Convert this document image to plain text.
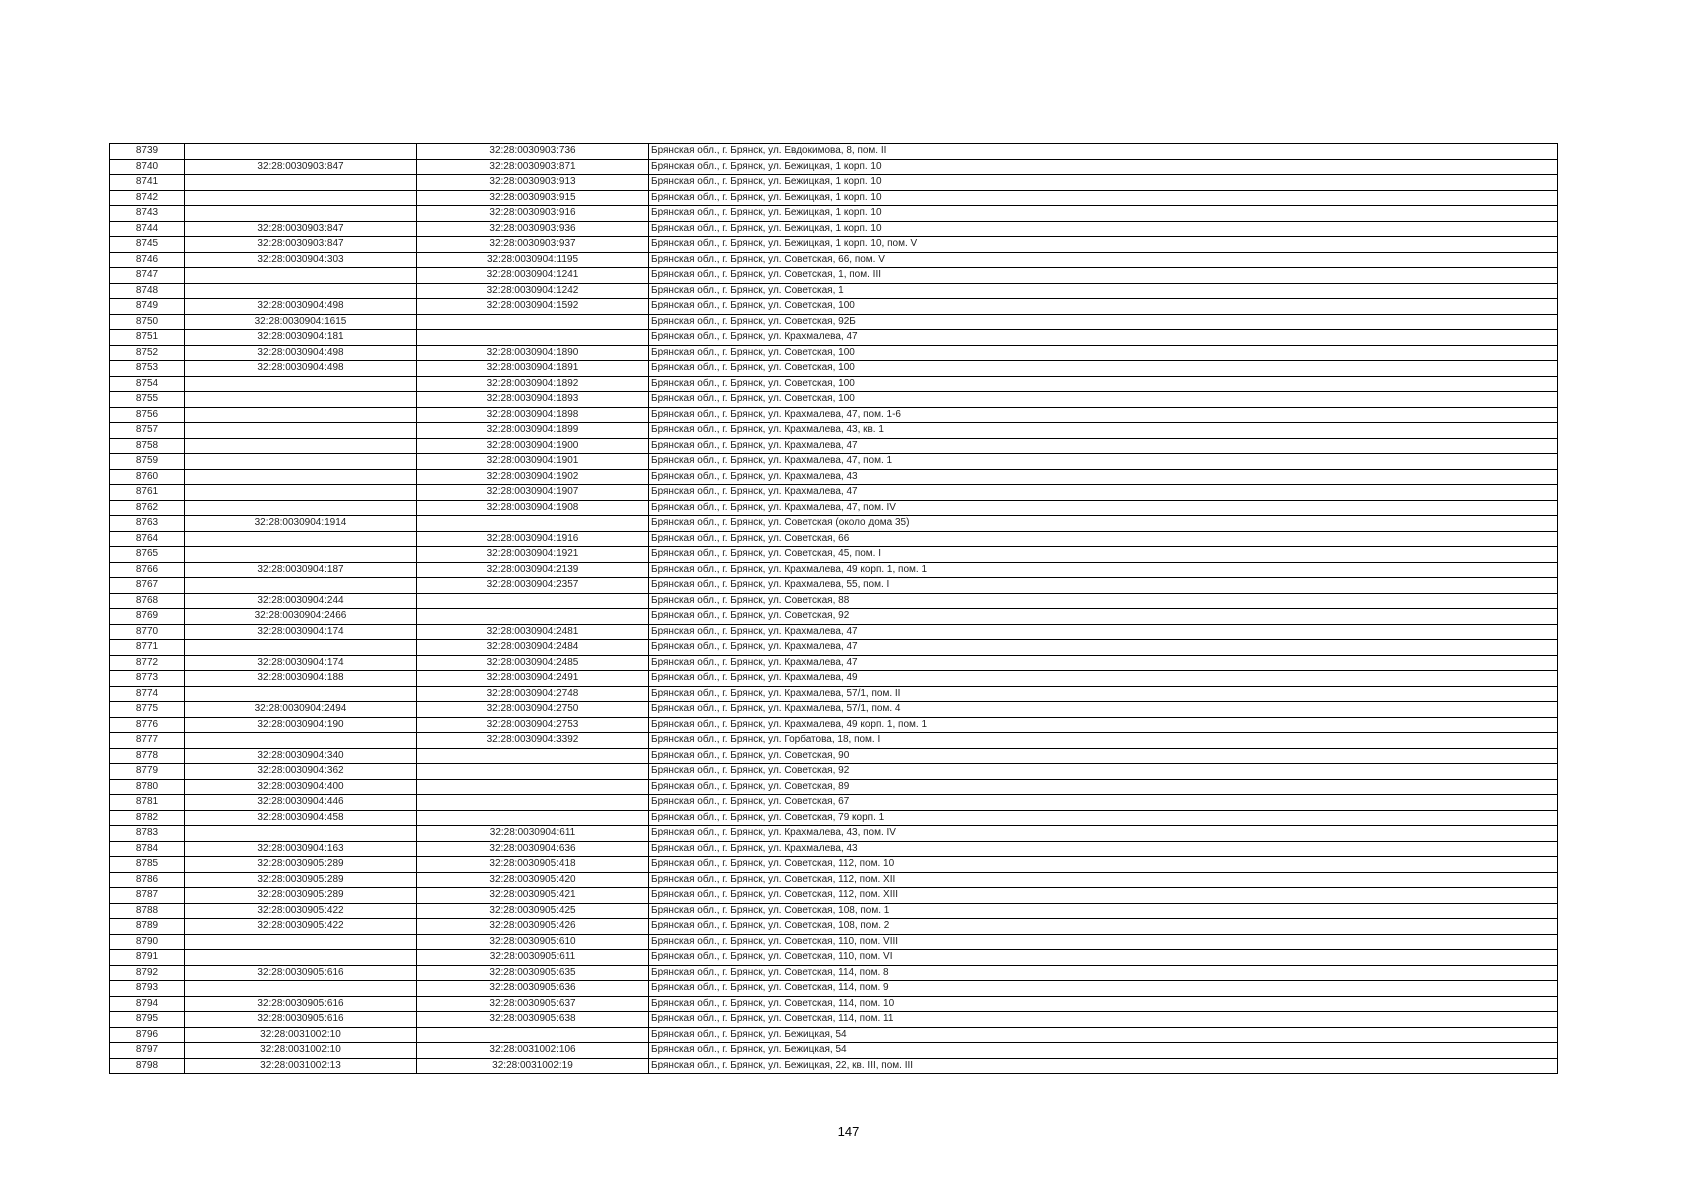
8739		32:28:0030903:736	Брянская обл., г. Брянск, ул. Евдокимова, 8, пом. II
8740	32:28:0030903:847	32:28:0030903:871	Брянская обл., г. Брянск, ул. Бежицкая, 1 корп. 10
8741		32:28:0030903:913	Брянская обл., г. Брянск, ул. Бежицкая, 1 корп. 10
8742		32:28:0030903:915	Брянская обл., г. Брянск, ул. Бежицкая, 1 корп. 10
8743		32:28:0030903:916	Брянская обл., г. Брянск, ул. Бежицкая, 1 корп. 10
8744	32:28:0030903:847	32:28:0030903:936	Брянская обл., г. Брянск, ул. Бежицкая, 1 корп. 10
8745	32:28:0030903:847	32:28:0030903:937	Брянская обл., г. Брянск, ул. Бежицкая, 1 корп. 10, пом. V
8746	32:28:0030904:303	32:28:0030904:1195	Брянская обл., г. Брянск, ул. Советская, 66, пом. V
8747		32:28:0030904:1241	Брянская обл., г. Брянск, ул. Советская, 1, пом. III
8748		32:28:0030904:1242	Брянская обл., г. Брянск, ул. Советская, 1
8749	32:28:0030904:498	32:28:0030904:1592	Брянская обл., г. Брянск, ул. Советская, 100
8750	32:28:0030904:1615		Брянская обл., г. Брянск, ул. Советская, 92Б
8751	32:28:0030904:181		Брянская обл., г. Брянск, ул. Крахмалева, 47
8752	32:28:0030904:498	32:28:0030904:1890	Брянская обл., г. Брянск, ул. Советская, 100
8753	32:28:0030904:498	32:28:0030904:1891	Брянская обл., г. Брянск, ул. Советская, 100
8754		32:28:0030904:1892	Брянская обл., г. Брянск, ул. Советская, 100
8755		32:28:0030904:1893	Брянская обл., г. Брянск, ул. Советская, 100
8756		32:28:0030904:1898	Брянская обл., г. Брянск, ул. Крахмалева, 47, пом. 1-6
8757		32:28:0030904:1899	Брянская обл., г. Брянск, ул. Крахмалева, 43, кв. 1
8758		32:28:0030904:1900	Брянская обл., г. Брянск, ул. Крахмалева, 47
8759		32:28:0030904:1901	Брянская обл., г. Брянск, ул. Крахмалева, 47, пом. 1
8760		32:28:0030904:1902	Брянская обл., г. Брянск, ул. Крахмалева, 43
8761		32:28:0030904:1907	Брянская обл., г. Брянск, ул. Крахмалева, 47
8762		32:28:0030904:1908	Брянская обл., г. Брянск, ул. Крахмалева, 47, пом. IV
8763	32:28:0030904:1914		Брянская обл., г. Брянск, ул. Советская (около дома 35)
8764		32:28:0030904:1916	Брянская обл., г. Брянск, ул. Советская, 66
8765		32:28:0030904:1921	Брянская обл., г. Брянск, ул. Советская, 45, пом. I
8766	32:28:0030904:187	32:28:0030904:2139	Брянская обл., г. Брянск, ул. Крахмалева, 49 корп. 1, пом. 1
8767		32:28:0030904:2357	Брянская обл., г. Брянск, ул. Крахмалева, 55, пом. I
8768	32:28:0030904:244		Брянская обл., г. Брянск, ул. Советская, 88
8769	32:28:0030904:2466		Брянская обл., г. Брянск, ул. Советская, 92
8770	32:28:0030904:174	32:28:0030904:2481	Брянская обл., г. Брянск, ул. Крахмалева, 47
8771		32:28:0030904:2484	Брянская обл., г. Брянск, ул. Крахмалева, 47
8772	32:28:0030904:174	32:28:0030904:2485	Брянская обл., г. Брянск, ул. Крахмалева, 47
8773	32:28:0030904:188	32:28:0030904:2491	Брянская обл., г. Брянск, ул. Крахмалева, 49
8774		32:28:0030904:2748	Брянская обл., г. Брянск, ул. Крахмалева, 57/1, пом. II
8775	32:28:0030904:2494	32:28:0030904:2750	Брянская обл., г. Брянск, ул. Крахмалева, 57/1, пом. 4
8776	32:28:0030904:190	32:28:0030904:2753	Брянская обл., г. Брянск, ул. Крахмалева, 49 корп. 1, пом. 1
8777		32:28:0030904:3392	Брянская обл., г. Брянск, ул. Горбатова, 18, пом. I
8778	32:28:0030904:340		Брянская обл., г. Брянск, ул. Советская, 90
8779	32:28:0030904:362		Брянская обл., г. Брянск, ул. Советская, 92
8780	32:28:0030904:400		Брянская обл., г. Брянск, ул. Советская, 89
8781	32:28:0030904:446		Брянская обл., г. Брянск, ул. Советская, 67
8782	32:28:0030904:458		Брянская обл., г. Брянск, ул. Советская, 79 корп. 1
8783		32:28:0030904:611	Брянская обл., г. Брянск, ул. Крахмалева, 43, пом. IV
8784	32:28:0030904:163	32:28:0030904:636	Брянская обл., г. Брянск, ул. Крахмалева, 43
8785	32:28:0030905:289	32:28:0030905:418	Брянская обл., г. Брянск, ул. Советская, 112, пом. 10
8786	32:28:0030905:289	32:28:0030905:420	Брянская обл., г. Брянск, ул. Советская, 112, пом. XII
8787	32:28:0030905:289	32:28:0030905:421	Брянская обл., г. Брянск, ул. Советская, 112, пом. XIII
8788	32:28:0030905:422	32:28:0030905:425	Брянская обл., г. Брянск, ул. Советская, 108, пом. 1
8789	32:28:0030905:422	32:28:0030905:426	Брянская обл., г. Брянск, ул. Советская, 108, пом. 2
8790		32:28:0030905:610	Брянская обл., г. Брянск, ул. Советская, 110, пом. VIII
8791		32:28:0030905:611	Брянская обл., г. Брянск, ул. Советская, 110, пом. VI
8792	32:28:0030905:616	32:28:0030905:635	Брянская обл., г. Брянск, ул. Советская, 114, пом. 8
8793		32:28:0030905:636	Брянская обл., г. Брянск, ул. Советская, 114, пом. 9
8794	32:28:0030905:616	32:28:0030905:637	Брянская обл., г. Брянск, ул. Советская, 114, пом. 10
8795	32:28:0030905:616	32:28:0030905:638	Брянская обл., г. Брянск, ул. Советская, 114, пом. 11
8796	32:28:0031002:10		Брянская обл., г. Брянск, ул. Бежицкая, 54
8797	32:28:0031002:10	32:28:0031002:106	Брянская обл., г. Брянск, ул. Бежицкая, 54
8798	32:28:0031002:13	32:28:0031002:19	Брянская обл., г. Брянск, ул. Бежицкая, 22, кв. III, пом. III
147
